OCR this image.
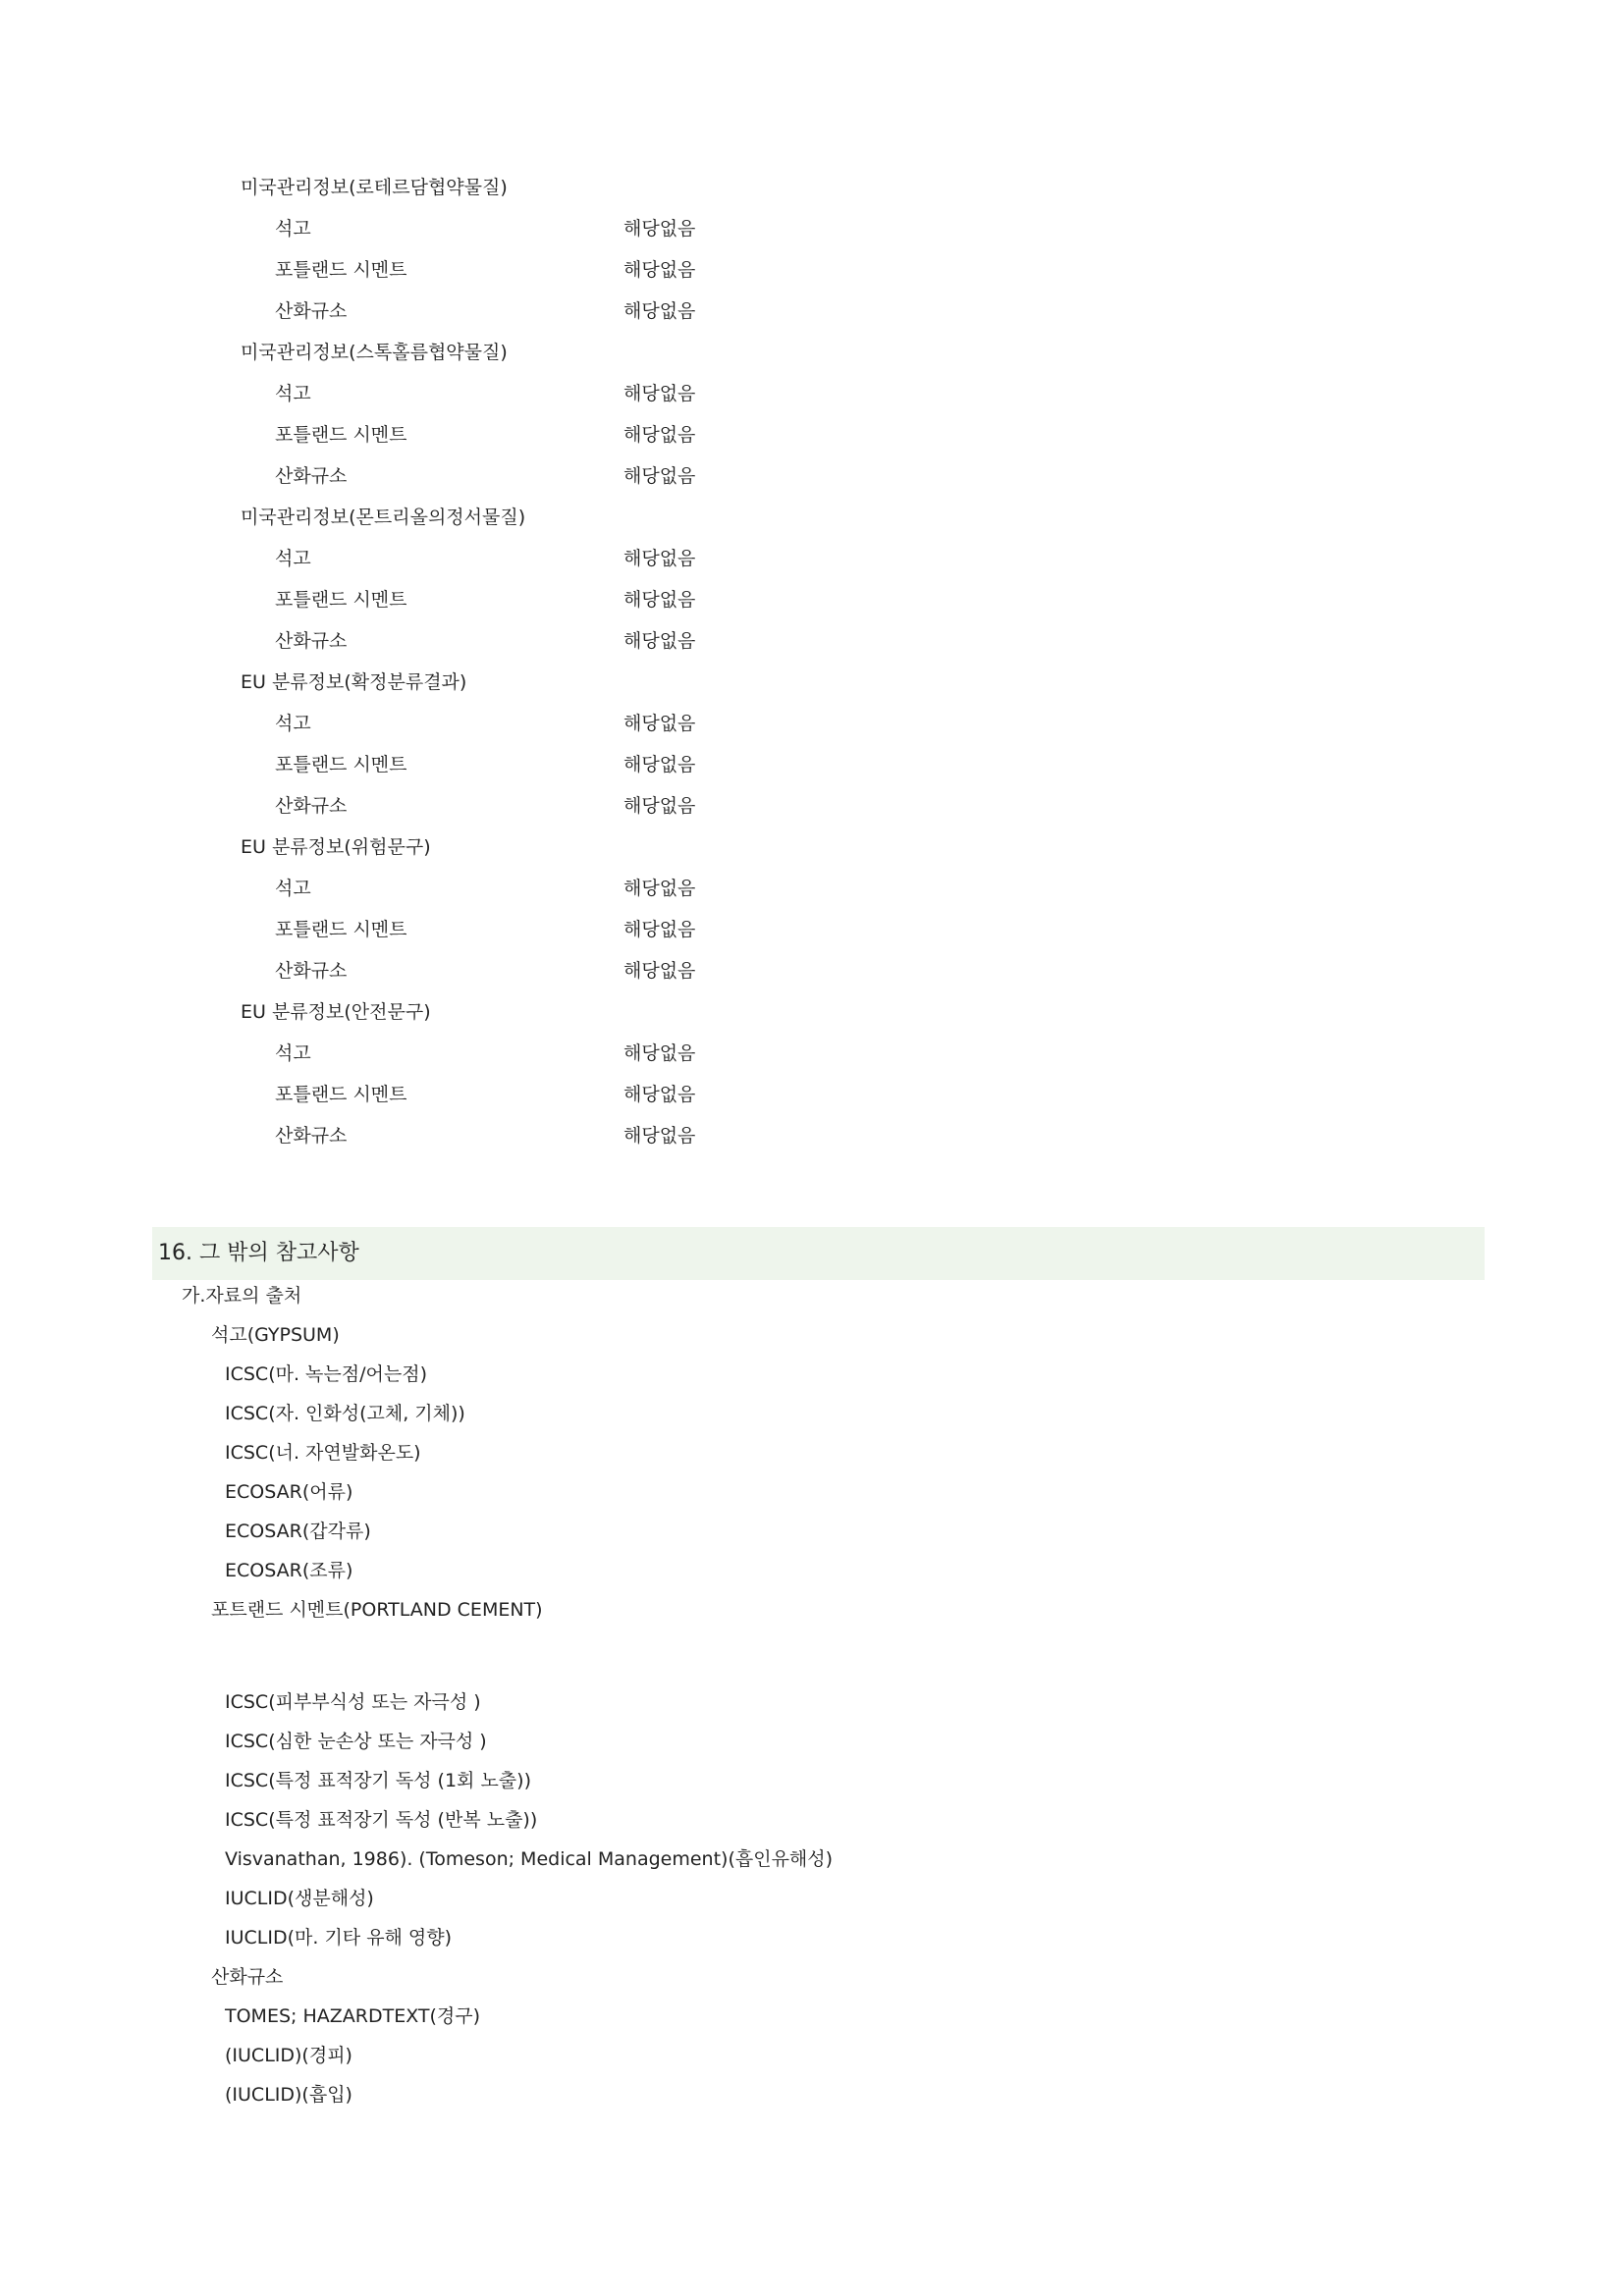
미국관리정보(로테르담협약물질)
석고	해당없음
포틀랜드 시멘트	해당없음
산화규소	해당없음
미국관리정보(스톡홀름협약물질)
석고	해당없음
포틀랜드 시멘트	해당없음
산화규소	해당없음
미국관리정보(몬트리올의정서물질)
석고	해당없음
포틀랜드 시멘트	해당없음
산화규소	해당없음
EU 분류정보(확정분류결과)
석고	해당없음
포틀랜드 시멘트	해당없음
산화규소	해당없음
EU 분류정보(위험문구)
석고	해당없음
포틀랜드 시멘트	해당없음
산화규소	해당없음
EU 분류정보(안전문구)
석고	해당없음
포틀랜드 시멘트	해당없음
산화규소	해당없음
16. 그 밖의 참고사항
가.자료의 출처
석고(GYPSUM)
ICSC(마. 녹는점/어는점)
ICSC(자. 인화성(고체, 기체))
ICSC(너. 자연발화온도)
ECOSAR(어류)
ECOSAR(갑각류)
ECOSAR(조류)
포트랜드 시멘트(PORTLAND CEMENT)
ICSC(피부부식성 또는 자극성 )
ICSC(심한 눈손상 또는 자극성 )
ICSC(특정 표적장기 독성 (1회 노출))
ICSC(특정 표적장기 독성 (반복 노출))
Visvanathan, 1986). (Tomeson; Medical Management)(흡인유해성)
IUCLID(생분해성)
IUCLID(마. 기타 유해 영향)
산화규소
TOMES; HAZARDTEXT(경구)
(IUCLID)(경피)
(IUCLID)(흡입)
